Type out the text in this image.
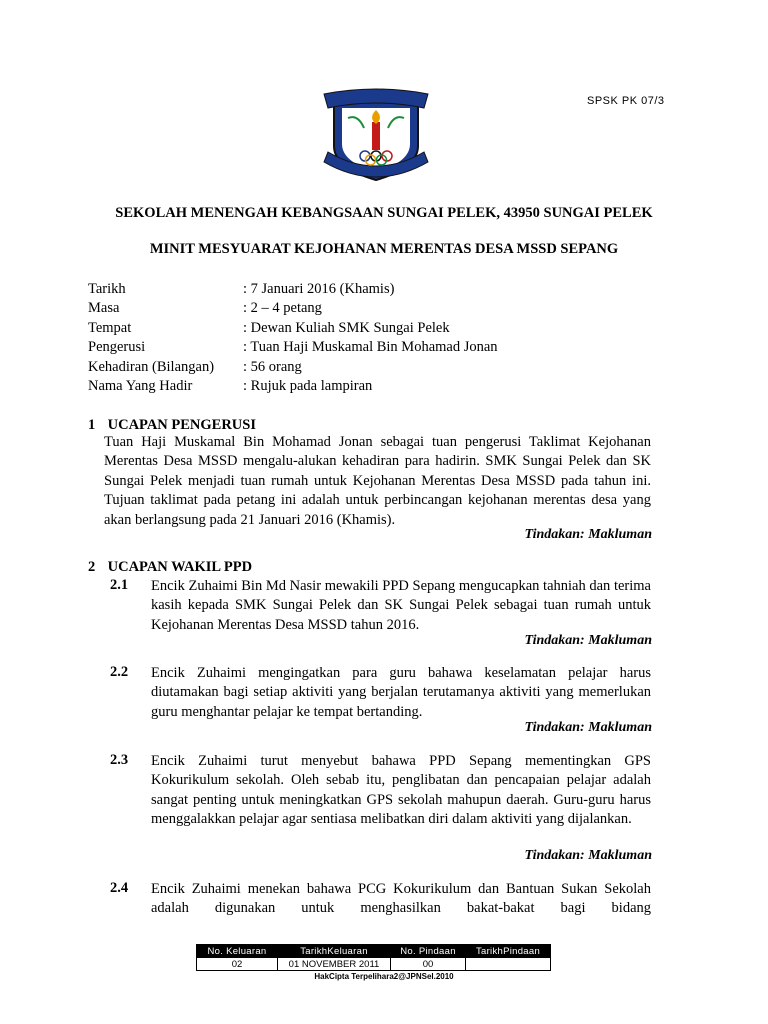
SPSK PK 07/3
SEKOLAH MENENGAH KEBANGSAAN SUNGAI PELEK, 43950 SUNGAI PELEK
MINIT MESYUARAT KEJOHANAN MERENTAS DESA MSSD SEPANG
Tarikh	: 7 Januari 2016 (Khamis)
Masa	: 2 – 4 petang
Tempat	: Dewan Kuliah SMK Sungai Pelek
Pengerusi	: Tuan Haji Muskamal Bin Mohamad Jonan
Kehadiran (Bilangan)	: 56 orang
Nama Yang Hadir	: Rujuk pada lampiran
1 UCAPAN PENGERUSI
Tuan Haji Muskamal Bin Mohamad Jonan sebagai tuan pengerusi Taklimat Kejohanan Merentas Desa MSSD mengalu-alukan kehadiran para hadirin. SMK Sungai Pelek dan SK Sungai Pelek menjadi tuan rumah untuk Kejohanan Merentas Desa MSSD pada tahun ini. Tujuan taklimat pada petang ini adalah untuk perbincangan kejohanan merentas desa yang akan berlangsung pada 21 Januari 2016 (Khamis).
Tindakan: Makluman
2 UCAPAN WAKIL PPD
2.1 Encik Zuhaimi Bin Md Nasir mewakili PPD Sepang mengucapkan tahniah dan terima kasih kepada SMK Sungai Pelek dan SK Sungai Pelek sebagai tuan rumah untuk Kejohanan Merentas Desa MSSD tahun 2016.
Tindakan: Makluman
2.2 Encik Zuhaimi mengingatkan para guru bahawa keselamatan pelajar harus diutamakan bagi setiap aktiviti yang berjalan terutamanya aktiviti yang memerlukan guru menghantar pelajar ke tempat bertanding.
Tindakan: Makluman
2.3 Encik Zuhaimi turut menyebut bahawa PPD Sepang mementingkan GPS Kokurikulum sekolah. Oleh sebab itu, penglibatan dan pencapaian pelajar adalah sangat penting untuk meningkatkan GPS sekolah mahupun daerah. Guru-guru harus menggalakkan pelajar agar sentiasa melibatkan diri dalam aktiviti yang dijalankan.
Tindakan: Makluman
2.4 Encik Zuhaimi menekan bahawa PCG Kokurikulum dan Bantuan Sukan Sekolah adalah digunakan untuk menghasilkan bakat-bakat bagi bidang
No. Keluaran	TarikhKeluaran	No. Pindaan	TarikhPindaan
02	01 NOVEMBER 2011	00	
HakCipta Terpelihara2@JPNSel.2010
